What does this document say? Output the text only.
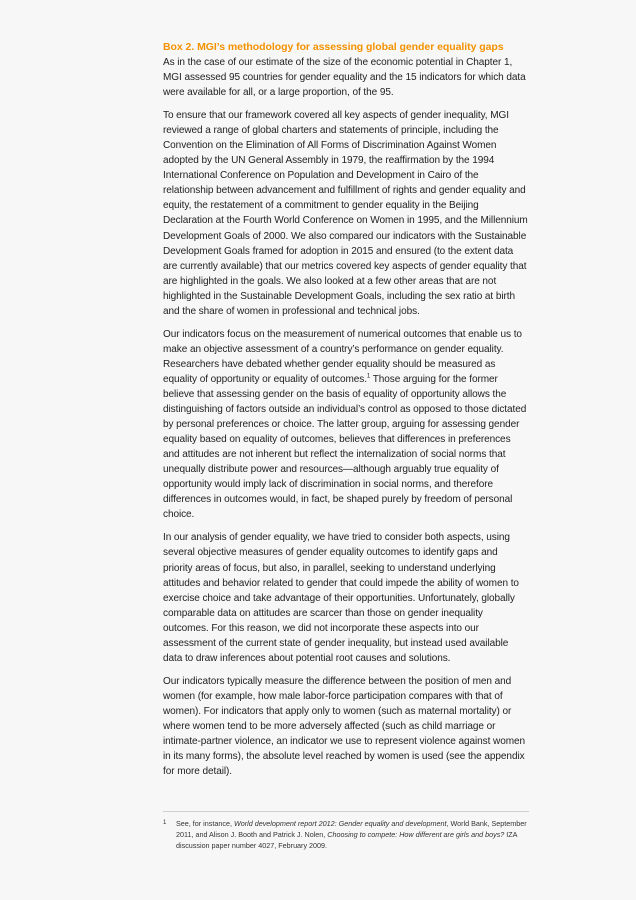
Box 2. MGI’s methodology for assessing global gender equality gaps

As in the case of our estimate of the size of the economic potential in Chapter 1, MGI assessed 95 countries for gender equality and the 15 indicators for which data were available for all, or a large proportion, of the 95.

To ensure that our framework covered all key aspects of gender inequality, MGI reviewed a range of global charters and statements of principle, including the Convention on the Elimination of All Forms of Discrimination Against Women adopted by the UN General Assembly in 1979, the reaffirmation by the 1994 International Conference on Population and Development in Cairo of the relationship between advancement and fulfillment of rights and gender equality and equity, the restatement of a commitment to gender equality in the Beijing Declaration at the Fourth World Conference on Women in 1995, and the Millennium Development Goals of 2000. We also compared our indicators with the Sustainable Development Goals framed for adoption in 2015 and ensured (to the extent data are currently available) that our metrics covered key aspects of gender equality that are highlighted in the goals. We also looked at a few other areas that are not highlighted in the Sustainable Development Goals, including the sex ratio at birth and the share of women in professional and technical jobs.

Our indicators focus on the measurement of numerical outcomes that enable us to make an objective assessment of a country’s performance on gender equality. Researchers have debated whether gender equality should be measured as equality of opportunity or equality of outcomes.$^1$ Those arguing for the former believe that assessing gender on the basis of equality of opportunity allows the distinguishing of factors outside an individual’s control as opposed to those dictated by personal preferences or choice. The latter group, arguing for assessing gender equality based on equality of outcomes, believes that differences in preferences and attitudes are not inherent but reflect the internalization of social norms that unequally distribute power and resources—although arguably true equality of opportunity would imply lack of discrimination in social norms, and therefore differences in outcomes would, in fact, be shaped purely by freedom of personal choice.

In our analysis of gender equality, we have tried to consider both aspects, using several objective measures of gender equality outcomes to identify gaps and priority areas of focus, but also, in parallel, seeking to understand underlying attitudes and behavior related to gender that could impede the ability of women to exercise choice and take advantage of their opportunities. Unfortunately, globally comparable data on attitudes are scarcer than those on gender inequality outcomes. For this reason, we did not incorporate these aspects into our assessment of the current state of gender inequality, but instead used available data to draw inferences about potential root causes and solutions.

Our indicators typically measure the difference between the position of men and women (for example, how male labor-force participation compares with that of women). For indicators that apply only to women (such as maternal mortality) or where women tend to be more adversely affected (such as child marriage or intimate-partner violence, an indicator we use to represent violence against women in its many forms), the absolute level reached by women is used (see the appendix for more detail).

1 See, for instance, World development report 2012: Gender equality and development, World Bank, September 2011, and Alison J. Booth and Patrick J. Nolen, Choosing to compete: How different are girls and boys? IZA discussion paper number 4027, February 2009.
